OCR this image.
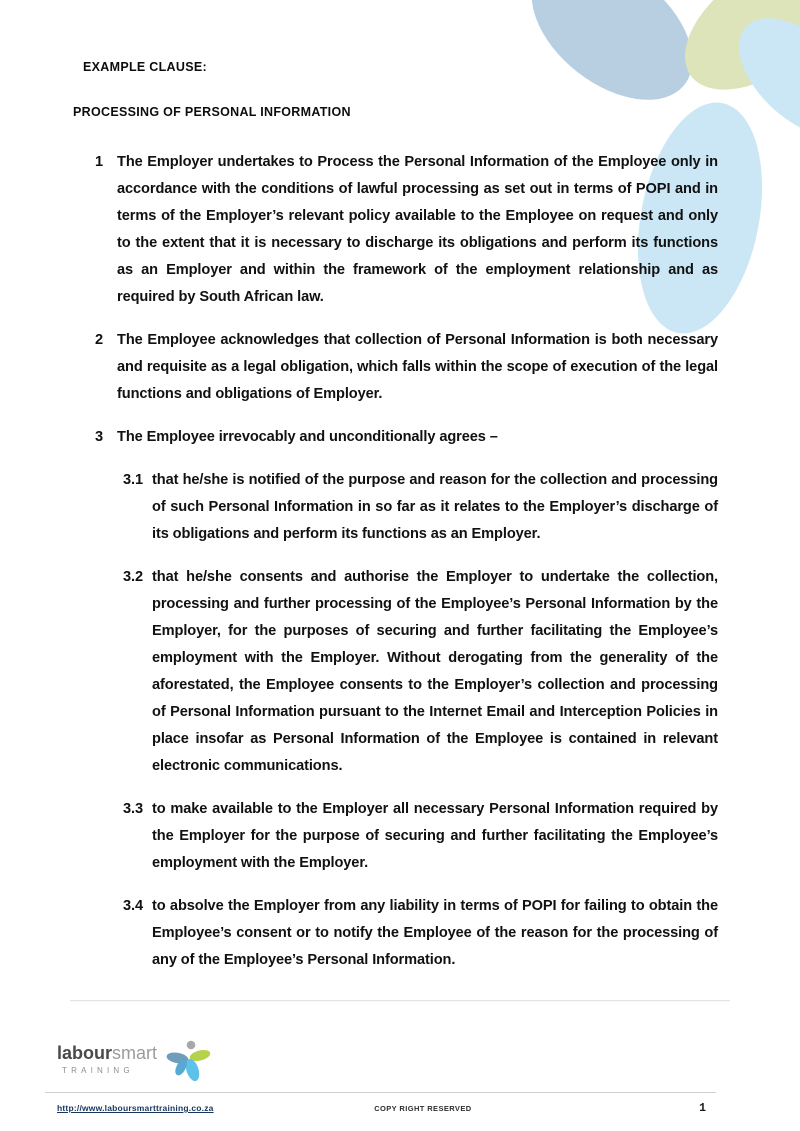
EXAMPLE CLAUSE:
PROCESSING OF PERSONAL INFORMATION
1 The Employer undertakes to Process the Personal Information of the Employee only in accordance with the conditions of lawful processing as set out in terms of POPI and in terms of the Employer’s relevant policy available to the Employee on request and only to the extent that it is necessary to discharge its obligations and perform its functions as an Employer and within the framework of the employment relationship and as required by South African law.

2 The Employee acknowledges that collection of Personal Information is both necessary and requisite as a legal obligation, which falls within the scope of execution of the legal functions and obligations of Employer.

3 The Employee irrevocably and unconditionally agrees –

3.1 that he/she is notified of the purpose and reason for the collection and processing of such Personal Information in so far as it relates to the Employer’s discharge of its obligations and perform its functions as an Employer.

3.2 that he/she consents and authorise the Employer to undertake the collection, processing and further processing of the Employee’s Personal Information by the Employer, for the purposes of securing and further facilitating the Employee’s employment with the Employer. Without derogating from the generality of the aforestated, the Employee consents to the Employer’s collection and processing of Personal Information pursuant to the Internet Email and Interception Policies in place insofar as Personal Information of the Employee is contained in relevant electronic communications.

3.3 to make available to the Employer all necessary Personal Information required by the Employer for the purpose of securing and further facilitating the Employee’s employment with the Employer.

3.4 to absolve the Employer from any liability in terms of POPI for failing to obtain the Employee’s consent or to notify the Employee of the reason for the processing of any of the Employee’s Personal Information.

laboursmart
TRAINING
http://www.laboursmarttraining.co.za	COPY RIGHT RESERVED	1
